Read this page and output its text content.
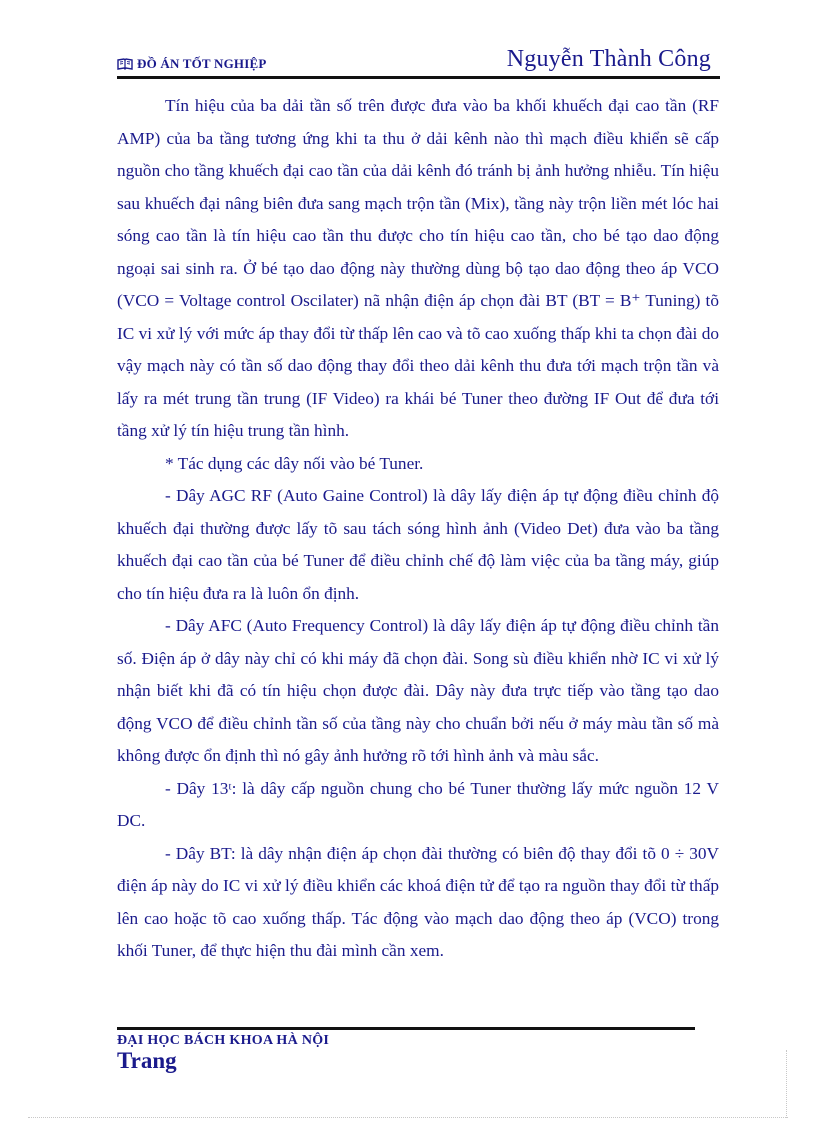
ĐỒ ÁN TỐT NGHIỆP	Nguyễn Thành Công

Tín hiệu của ba dải tần số trên được đưa vào ba khối khuếch đại cao tần (RF AMP) của ba tầng tương ứng khi ta thu ở dải kênh nào thì mạch điều khiển sẽ cấp nguồn cho tầng khuếch đại cao tần của dải kênh đó tránh bị ảnh hưởng nhiễu. Tín hiệu sau khuếch đại nâng biên đưa sang mạch trộn tần (Mix), tầng này trộn liền mét lóc hai sóng cao tần là tín hiệu cao tần thu được cho tín hiệu cao tần, cho bé tạo dao động ngoại sai sinh ra. Ở bé tạo dao động này thường dùng bộ tạo dao động theo áp VCO (VCO = Voltage control Oscilater) nã nhận điện áp chọn đài BT (BT = B⁺ Tuning) tõ IC vi xử lý với mức áp thay đổi từ thấp lên cao và tõ cao xuống thấp khi ta chọn đài do vậy mạch này có tần số dao động thay đổi theo dải kênh thu đưa tới mạch trộn tần và lấy ra mét trung tần trung (IF Video) ra khái bé Tuner theo đường IF Out để đưa tới tầng xử lý tín hiệu trung tần hình.

* Tác dụng các dây nối vào bé Tuner.

- Dây AGC RF (Auto Gaine Control) là dây lấy điện áp tự động điều chỉnh độ khuếch đại thường được lấy tõ sau tách sóng hình ảnh (Video Det) đưa vào ba tầng khuếch đại cao tần của bé Tuner để điều chỉnh chế độ làm việc của ba tầng máy, giúp cho tín hiệu đưa ra là luôn ổn định.

- Dây AFC (Auto Frequency Control) là dây lấy điện áp tự động điều chỉnh tần số. Điện áp ở dây này chỉ có khi máy đã chọn đài. Song sù điều khiển nhờ IC vi xử lý nhận biết khi đã có tín hiệu chọn được đài. Dây này đưa trực tiếp vào tầng tạo dao động VCO để điều chỉnh tần số của tầng này cho chuẩn bởi nếu ở máy màu tần số mà không được ổn định thì nó gây ảnh hưởng rõ tới hình ảnh và màu sắc.

- Dây 13ᵗ: là dây cấp nguồn chung cho bé Tuner thường lấy mức nguồn 12 V DC.

- Dây BT: là dây nhận điện áp chọn đài thường có biên độ thay đổi tõ 0 ÷ 30V điện áp này do IC vi xử lý điều khiển các khoá điện tử để tạo ra nguồn thay đổi từ thấp lên cao hoặc tõ cao xuống thấp. Tác động vào mạch dao động theo áp (VCO) trong khối Tuner, để thực hiện thu đài mình cần xem.

ĐẠI HỌC BÁCH KHOA HÀ NỘI
Trang
